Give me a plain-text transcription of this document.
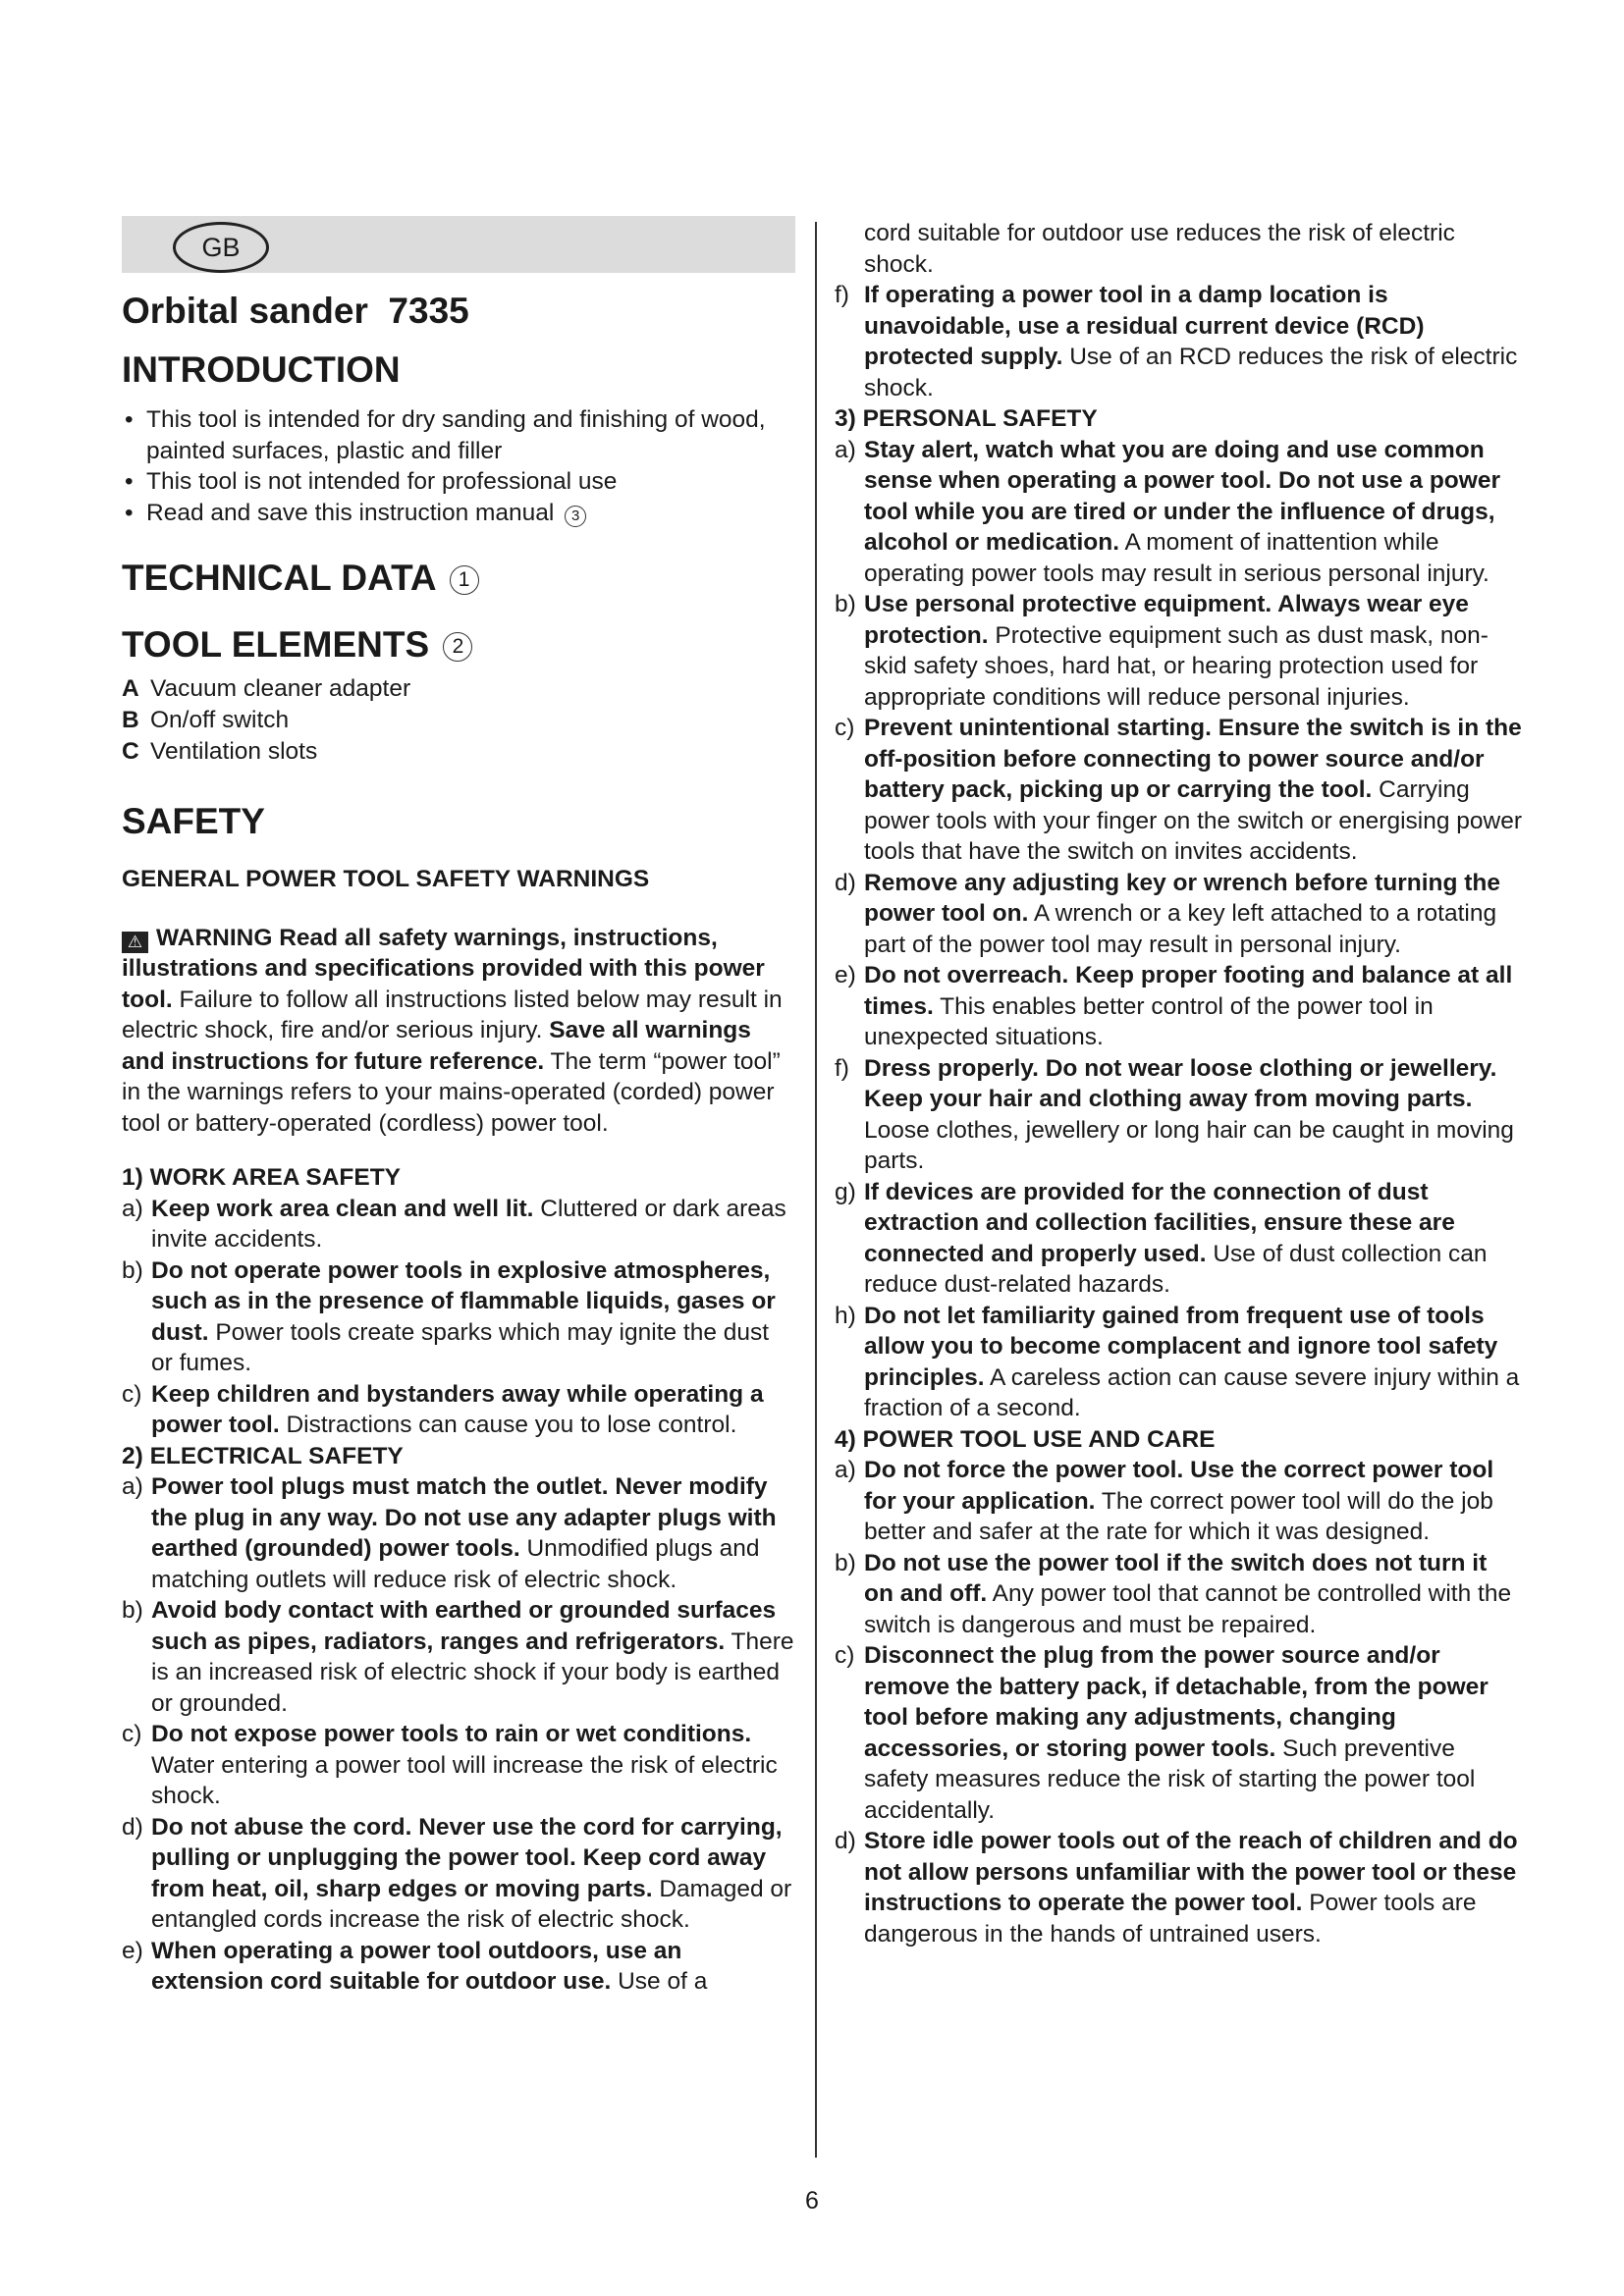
GB
Orbital sander  7335
INTRODUCTION
• This tool is intended for dry sanding and finishing of wood, painted surfaces, plastic and filler
• This tool is not intended for professional use
• Read and save this instruction manual 3
TECHNICAL DATA 1
TOOL ELEMENTS 2
A Vacuum cleaner adapter
B On/off switch
C Ventilation slots
SAFETY
GENERAL POWER TOOL SAFETY WARNINGS
⚠ WARNING Read all safety warnings, instructions, illustrations and specifications provided with this power tool. Failure to follow all instructions listed below may result in electric shock, fire and/or serious injury. Save all warnings and instructions for future reference. The term “power tool” in the warnings refers to your mains-operated (corded) power tool or battery-operated (cordless) power tool.
1) WORK AREA SAFETY
a) Keep work area clean and well lit. Cluttered or dark areas invite accidents.
b) Do not operate power tools in explosive atmospheres, such as in the presence of flammable liquids, gases or dust. Power tools create sparks which may ignite the dust or fumes.
c) Keep children and bystanders away while operating a power tool. Distractions can cause you to lose control.
2) ELECTRICAL SAFETY
a) Power tool plugs must match the outlet. Never modify the plug in any way. Do not use any adapter plugs with earthed (grounded) power tools. Unmodified plugs and matching outlets will reduce risk of electric shock.
b) Avoid body contact with earthed or grounded surfaces such as pipes, radiators, ranges and refrigerators. There is an increased risk of electric shock if your body is earthed or grounded.
c) Do not expose power tools to rain or wet conditions. Water entering a power tool will increase the risk of electric shock.
d) Do not abuse the cord. Never use the cord for carrying, pulling or unplugging the power tool. Keep cord away from heat, oil, sharp edges or moving parts. Damaged or entangled cords increase the risk of electric shock.
e) When operating a power tool outdoors, use an extension cord suitable for outdoor use. Use of a
cord suitable for outdoor use reduces the risk of electric shock.
f) If operating a power tool in a damp location is unavoidable, use a residual current device (RCD) protected supply. Use of an RCD reduces the risk of electric shock.
3) PERSONAL SAFETY
a) Stay alert, watch what you are doing and use common sense when operating a power tool. Do not use a power tool while you are tired or under the influence of drugs, alcohol or medication. A moment of inattention while operating power tools may result in serious personal injury.
b) Use personal protective equipment. Always wear eye protection. Protective equipment such as dust mask, non-skid safety shoes, hard hat, or hearing protection used for appropriate conditions will reduce personal injuries.
c) Prevent unintentional starting. Ensure the switch is in the off-position before connecting to power source and/or battery pack, picking up or carrying the tool. Carrying power tools with your finger on the switch or energising power tools that have the switch on invites accidents.
d) Remove any adjusting key or wrench before turning the power tool on. A wrench or a key left attached to a rotating part of the power tool may result in personal injury.
e) Do not overreach. Keep proper footing and balance at all times. This enables better control of the power tool in unexpected situations.
f) Dress properly. Do not wear loose clothing or jewellery. Keep your hair and clothing away from moving parts. Loose clothes, jewellery or long hair can be caught in moving parts.
g) If devices are provided for the connection of dust extraction and collection facilities, ensure these are connected and properly used. Use of dust collection can reduce dust-related hazards.
h) Do not let familiarity gained from frequent use of tools allow you to become complacent and ignore tool safety principles. A careless action can cause severe injury within a fraction of a second.
4) POWER TOOL USE AND CARE
a) Do not force the power tool. Use the correct power tool for your application. The correct power tool will do the job better and safer at the rate for which it was designed.
b) Do not use the power tool if the switch does not turn it on and off. Any power tool that cannot be controlled with the switch is dangerous and must be repaired.
c) Disconnect the plug from the power source and/or remove the battery pack, if detachable, from the power tool before making any adjustments, changing accessories, or storing power tools. Such preventive safety measures reduce the risk of starting the power tool accidentally.
d) Store idle power tools out of the reach of children and do not allow persons unfamiliar with the power tool or these instructions to operate the power tool. Power tools are dangerous in the hands of untrained users.
6
